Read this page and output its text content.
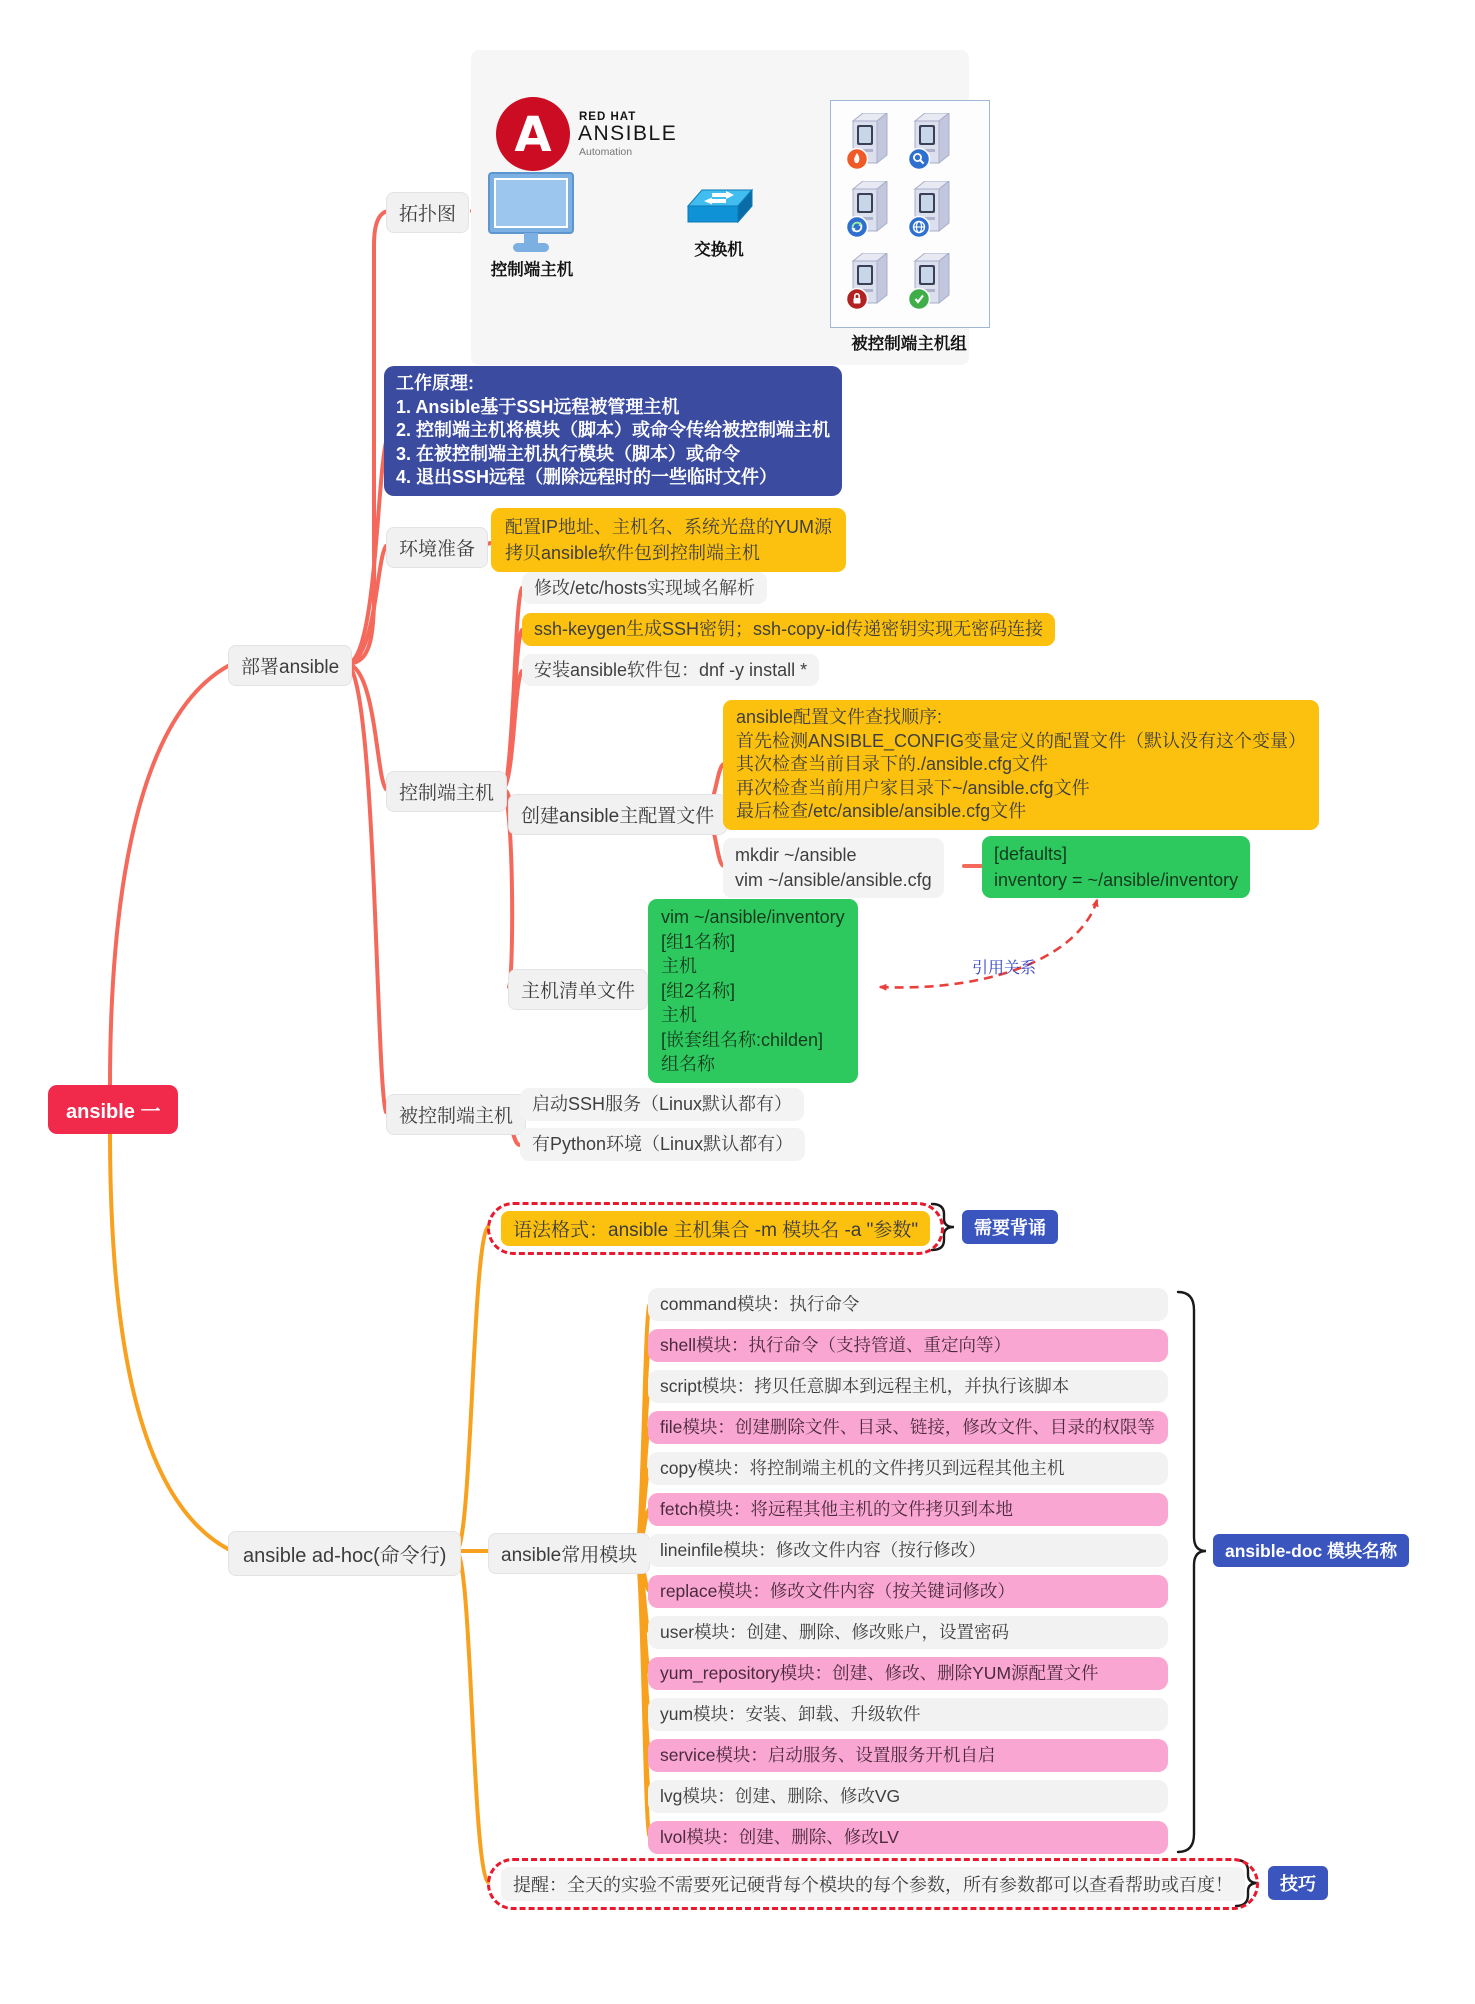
A RED HAT
ANSIBLE
Automation
控制端主机
交换机
被控制端主机组
ansible 一
部署ansible
拓扑图
工作原理:
1. Ansible基于SSH远程被管理主机
2. 控制端主机将模块（脚本）或命令传给被控制端主机
3. 在被控制端主机执行模块（脚本）或命令
4. 退出SSH远程（删除远程时的一些临时文件）
环境准备
配置IP地址、主机名、系统光盘的YUM源
拷贝ansible软件包到控制端主机
控制端主机
修改/etc/hosts实现域名解析
ssh-keygen生成SSH密钥；ssh-copy-id传递密钥实现无密码连接
安装ansible软件包：dnf -y install *
创建ansible主配置文件
ansible配置文件查找顺序:
首先检测ANSIBLE_CONFIG变量定义的配置文件（默认没有这个变量）
其次检查当前目录下的./ansible.cfg文件
再次检查当前用户家目录下~/ansible.cfg文件
最后检查/etc/ansible/ansible.cfg文件
mkdir ~/ansible
vim ~/ansible/ansible.cfg
[defaults]
inventory = ~/ansible/inventory
主机清单文件
vim ~/ansible/inventory
[组1名称]
主机
[组2名称]
主机
[嵌套组名称:childen]
组名称
引用关系
被控制端主机
启动SSH服务（Linux默认都有）
有Python环境（Linux默认都有）
ansible ad-hoc(命令行)
语法格式：ansible 主机集合 -m 模块名 -a "参数"	需要背诵
ansible常用模块
command模块：执行命令
shell模块：执行命令（支持管道、重定向等）
script模块：拷贝任意脚本到远程主机，并执行该脚本
file模块：创建删除文件、目录、链接，修改文件、目录的权限等
copy模块：将控制端主机的文件拷贝到远程其他主机
fetch模块：将远程其他主机的文件拷贝到本地
lineinfile模块：修改文件内容（按行修改）
replace模块：修改文件内容（按关键词修改）
user模块：创建、删除、修改账户，设置密码
yum_repository模块：创建、修改、删除YUM源配置文件
yum模块：安装、卸载、升级软件
service模块：启动服务、设置服务开机自启
lvg模块：创建、删除、修改VG
lvol模块：创建、删除、修改LV
ansible-doc 模块名称
提醒：全天的实验不需要死记硬背每个模块的每个参数，所有参数都可以查看帮助或百度！	技巧
